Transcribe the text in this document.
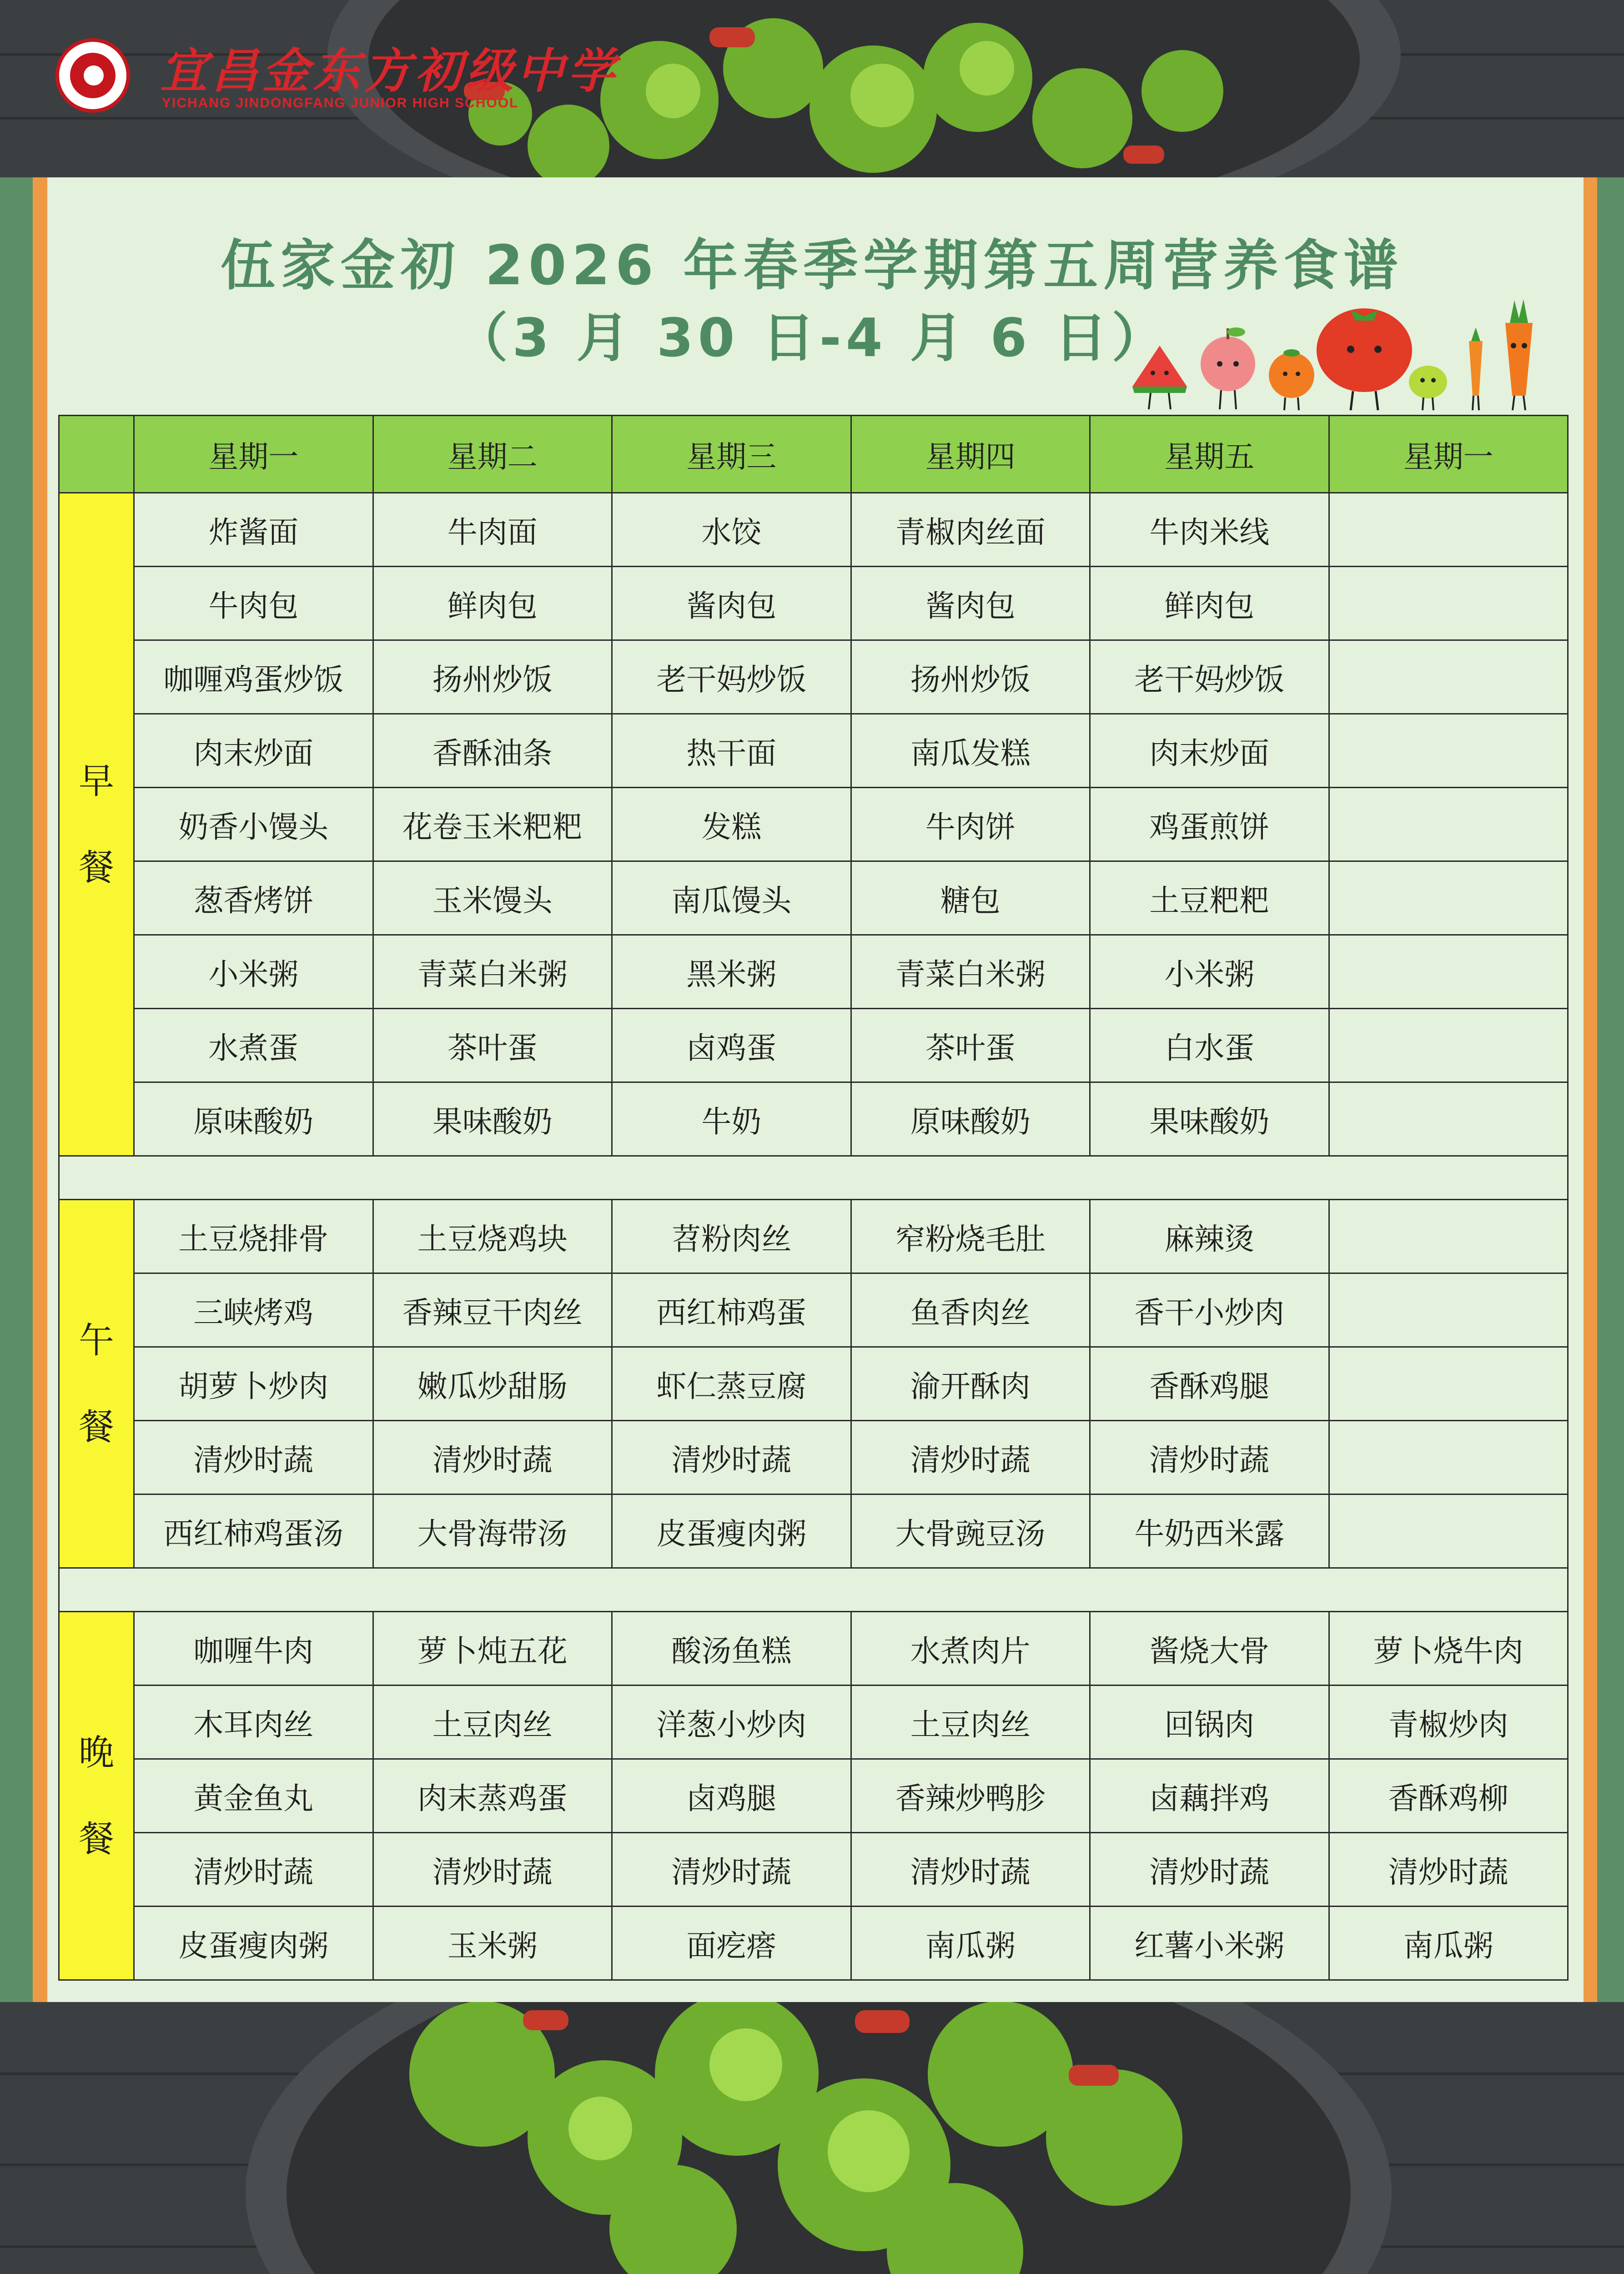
宜昌金东方初级中学
YICHANG JINDONGFANG JUNIOR HIGH SCHOOL
伍家金初 2026 年春季学期第五周营养食谱
（3 月 30 日-4 月 6 日）
	星期一	星期二	星期三	星期四	星期五	星期一

早
餐	炸酱面	牛肉面	水饺	青椒肉丝面	牛肉米线	
	牛肉包	鲜肉包	酱肉包	酱肉包	鲜肉包	
	咖喱鸡蛋炒饭	扬州炒饭	老干妈炒饭	扬州炒饭	老干妈炒饭	
	肉末炒面	香酥油条	热干面	南瓜发糕	肉末炒面	
	奶香小馒头	花卷玉米粑粑	发糕	牛肉饼	鸡蛋煎饼	
	葱香烤饼	玉米馒头	南瓜馒头	糖包	土豆粑粑	
	小米粥	青菜白米粥	黑米粥	青菜白米粥	小米粥	
	水煮蛋	茶叶蛋	卤鸡蛋	茶叶蛋	白水蛋	
	原味酸奶	果味酸奶	牛奶	原味酸奶	果味酸奶	

午
餐	土豆烧排骨	土豆烧鸡块	苕粉肉丝	窄粉烧毛肚	麻辣烫	
	三峡烤鸡	香辣豆干肉丝	西红柿鸡蛋	鱼香肉丝	香干小炒肉	
	胡萝卜炒肉	嫩瓜炒甜肠	虾仁蒸豆腐	渝开酥肉	香酥鸡腿	
	清炒时蔬	清炒时蔬	清炒时蔬	清炒时蔬	清炒时蔬	
	西红柿鸡蛋汤	大骨海带汤	皮蛋瘦肉粥	大骨豌豆汤	牛奶西米露	

晚
餐	咖喱牛肉	萝卜炖五花	酸汤鱼糕	水煮肉片	酱烧大骨	萝卜烧牛肉
	木耳肉丝	土豆肉丝	洋葱小炒肉	土豆肉丝	回锅肉	青椒炒肉
	黄金鱼丸	肉末蒸鸡蛋	卤鸡腿	香辣炒鸭胗	卤藕拌鸡	香酥鸡柳
	清炒时蔬	清炒时蔬	清炒时蔬	清炒时蔬	清炒时蔬	清炒时蔬
	皮蛋瘦肉粥	玉米粥	面疙瘩	南瓜粥	红薯小米粥	南瓜粥
